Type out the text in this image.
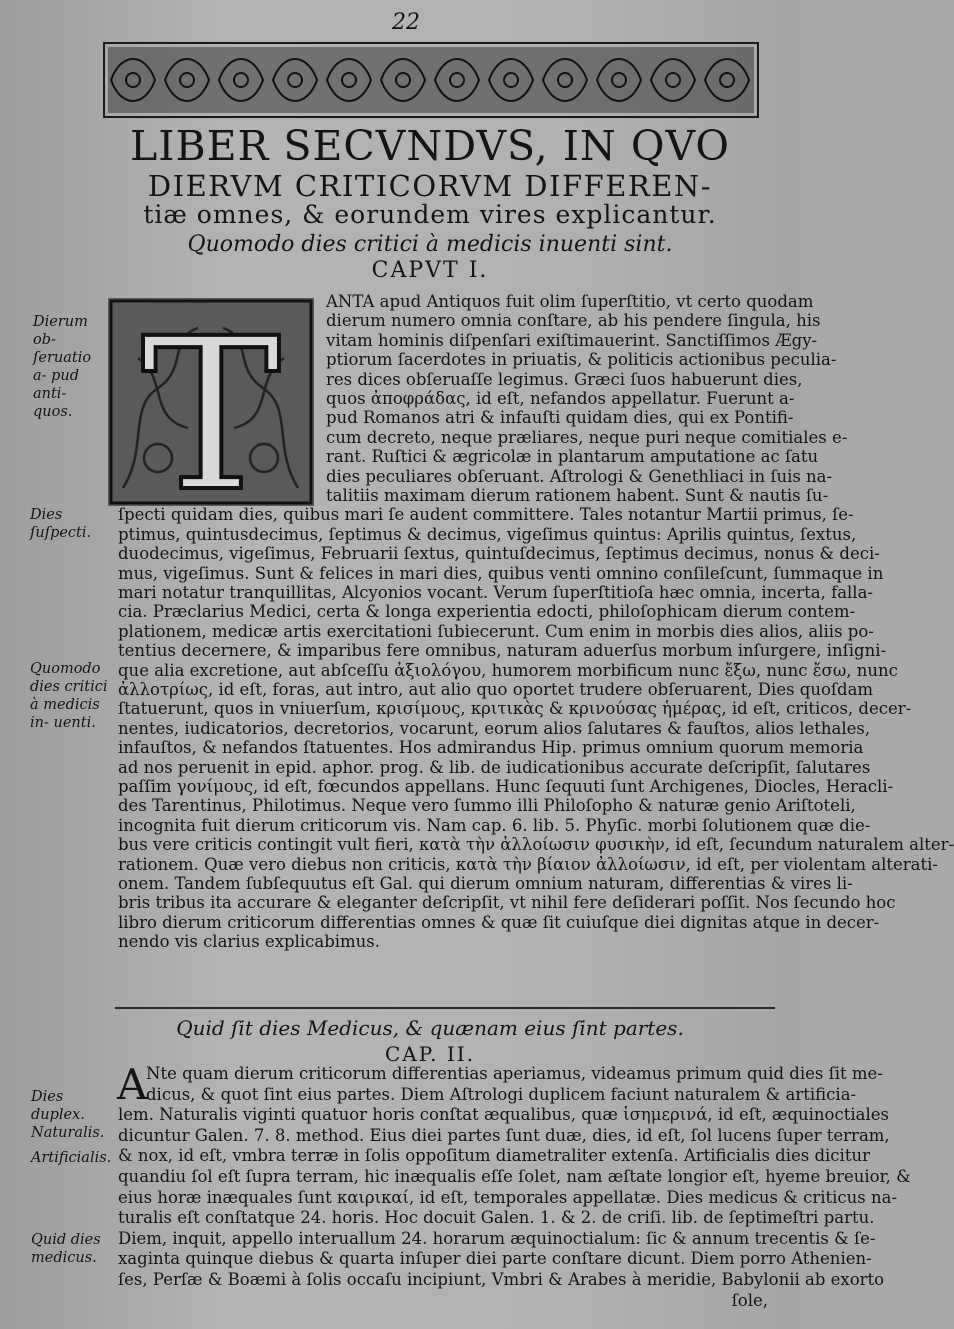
22
LIBER SECVNDVS, IN QVO
DIERVM CRITICORVM DIFFEREN-
tiæ omnes, & eorundem vires explicantur.
Quomodo dies critici à medicis inuenti sint.
CAPVT I.
Dierum ob- ſeruatio a- pud anti- quos.
Dies ſuſpecti.
Quomodo dies critici à medicis in- uenti.
T	ANTA apud Antiquos fuit olim ſuperſtitio, vt certo quodam
dierum numero omnia conſtare, ab his pendere ſingula, his
vitam hominis diſpenſari exiſtimauerint. Sanctiſſimos Ægy-
ptiorum ſacerdotes in priuatis, & politicis actionibus peculia-
res dices obſeruaſſe legimus. Græci ſuos habuerunt dies,
quos ἀποφράδας, id eſt, nefandos appellatur. Fuerunt a-
pud Romanos atri & infauſti quidam dies, qui ex Pontifi-
cum decreto, neque præliares, neque puri neque comitiales e-
rant. Ruſtici & ægricolæ in plantarum amputatione ac ſatu
dies peculiares obſeruant. Aſtrologi & Genethliaci in ſuis na-
talitiis maximam dierum rationem habent. Sunt & nautis ſu-
ſpecti quidam dies, quibus mari ſe audent committere. Tales notantur Martii primus, ſe-
ptimus, quintusdecimus, ſeptimus & decimus, vigeſimus quintus: Aprilis quintus, ſextus,
duodecimus, vigeſimus, Februarii ſextus, quintuſdecimus, ſeptimus decimus, nonus & deci-
mus, vigeſimus. Sunt & felices in mari dies, quibus venti omnino conſileſcunt, ſummaque in
mari notatur tranquillitas, Alcyonios vocant. Verum ſuperſtitioſa hæc omnia, incerta, falla-
cia. Præclarius Medici, certa & longa experientia edocti, philoſophicam dierum contem-
plationem, medicæ artis exercitationi ſubiecerunt. Cum enim in morbis dies alios, aliis po-
tentius decernere, & imparibus fere omnibus, naturam aduerſus morbum inſurgere, inſigni-
que alia excretione, aut abſceſſu ἀξιολόγου, humorem morbificum nunc ἔξω, nunc ἔσω, nunc
ἀλλοτρίως, id eſt, foras, aut intro, aut alio quo oportet trudere obſeruarent, Dies quoſdam
ſtatuerunt, quos in vniuerſum, κρισίμους, κριτικὰς & κρινούσας ἡμέρας, id eſt, criticos, decer-
nentes, iudicatorios, decretorios, vocarunt, eorum alios ſalutares & fauſtos, alios lethales,
infauſtos, & nefandos ſtatuentes. Hos admirandus Hip. primus omnium quorum memoria
ad nos peruenit in epid. aphor. prog. & lib. de iudicationibus accurate deſcripſit, ſalutares
paſſim γονίμους, id eſt, fœcundos appellans. Hunc ſequuti ſunt Archigenes, Diocles, Heracli-
des Tarentinus, Philotimus. Neque vero ſummo illi Philoſopho & naturæ genio Ariſtoteli,
incognita fuit dierum criticorum vis. Nam cap. 6. lib. 5. Phyſic. morbi ſolutionem quæ die-
bus vere criticis contingit vult fieri, κατὰ τὴν ἀλλοίωσιν φυσικὴν, id eſt, ſecundum naturalem alter-
rationem. Quæ vero diebus non criticis, κατὰ τὴν βίαιον ἀλλοίωσιν, id eſt, per violentam alterati-
onem. Tandem ſubſequutus eſt Gal. qui dierum omnium naturam, differentias & vires li-
bris tribus ita accurare & eleganter deſcripſit, vt nihil fere deſiderari poſſit. Nos ſecundo hoc
libro dierum criticorum differentias omnes & quæ ſit cuiuſque diei dignitas atque in decer-
nendo vis clarius explicabimus.
Quid ſit dies Medicus, & quænam eius ſint partes.
CAP. II.
A
Dies duplex. Naturalis.
Artificialis.
Quid dies medicus.
Nte quam dierum criticorum differentias aperiamus, videamus primum quid dies ſit me-
dicus, & quot ſint eius partes. Diem Aſtrologi duplicem faciunt naturalem & artificia-
lem. Naturalis viginti quatuor horis conſtat æqualibus, quæ ἰσημερινά, id eſt, æquinoctiales
dicuntur Galen. 7. 8. method. Eius diei partes ſunt duæ, dies, id eſt, ſol lucens ſuper terram,
& nox, id eſt, vmbra terræ in ſolis oppoſitum diametraliter extenſa. Artificialis dies dicitur
quandiu ſol eſt ſupra terram, hic inæqualis eſſe ſolet, nam æſtate longior eſt, hyeme breuior, &
eius horæ inæquales ſunt καιρικαί, id eſt, temporales appellatæ. Dies medicus & criticus na-
turalis eſt conſtatque 24. horis. Hoc docuit Galen. 1. & 2. de criſi. lib. de ſeptimeſtri partu.
Diem, inquit, appello interuallum 24. horarum æquinoctialum: ſic & annum trecentis & ſe-
xaginta quinque diebus & quarta inſuper diei parte conſtare dicunt. Diem porro Athenien-
ſes, Perſæ & Boæmi à ſolis occaſu incipiunt, Vmbri & Arabes à meridie, Babylonii ab exorto
ſole,
